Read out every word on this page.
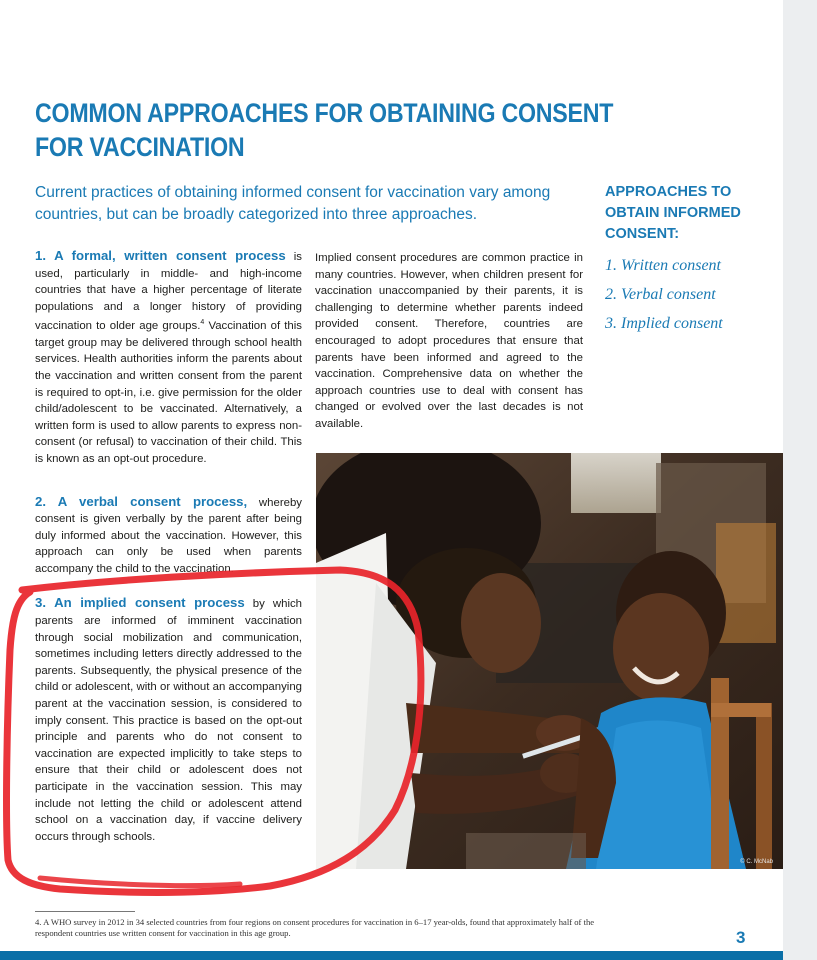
COMMON APPROACHES FOR OBTAINING CONSENT
FOR VACCINATION

Current practices of obtaining informed consent for vaccination vary among countries, but can be broadly categorized into three approaches.

APPROACHES TO
OBTAIN INFORMED
CONSENT:
1. Written consent
2. Verbal consent
3. Implied consent

1. A formal, written consent process is used, particularly in middle- and high-income countries that have a higher percentage of literate populations and a longer history of providing vaccination to older age groups.$^4$ Vaccination of this target group may be delivered through school health services. Health authorities inform the parents about the vaccination and written consent from the parent is required to opt-in, i.e. give permission for the older child/adolescent to be vaccinated. Alternatively, a written form is used to allow parents to express non-consent (or refusal) to vaccination of their child. This is known as an opt-out procedure.

2. A verbal consent process, whereby consent is given verbally by the parent after being duly informed about the vaccination. However, this approach can only be used when parents accompany the child to the vaccination.

3. An implied consent process by which parents are informed of imminent vaccination through social mobilization and communication, sometimes including letters directly addressed to the parents. Subsequently, the physical presence of the child or adolescent, with or without an accompanying parent at the vaccination session, is considered to imply consent. This practice is based on the opt-out principle and parents who do not consent to vaccination are expected implicitly to take steps to ensure that their child or adolescent does not participate in the vaccination session. This may include not letting the child or adolescent attend school on a vaccination day, if vaccine delivery occurs through schools.

Implied consent procedures are common practice in many countries. However, when children present for vaccination unaccompanied by their parents, it is challenging to determine whether parents indeed provided consent. Therefore, countries are encouraged to adopt procedures that ensure that parents have been informed and agreed to the vaccination. Comprehensive data on whether the approach countries use to deal with consent has changed or evolved over the last decades is not available.

© C. McNab

4. A WHO survey in 2012 in 34 selected countries from four regions on consent procedures for vaccination in 6–17 year-olds, found that approximately half of the respondent countries use written consent for vaccination in this age group.	3
